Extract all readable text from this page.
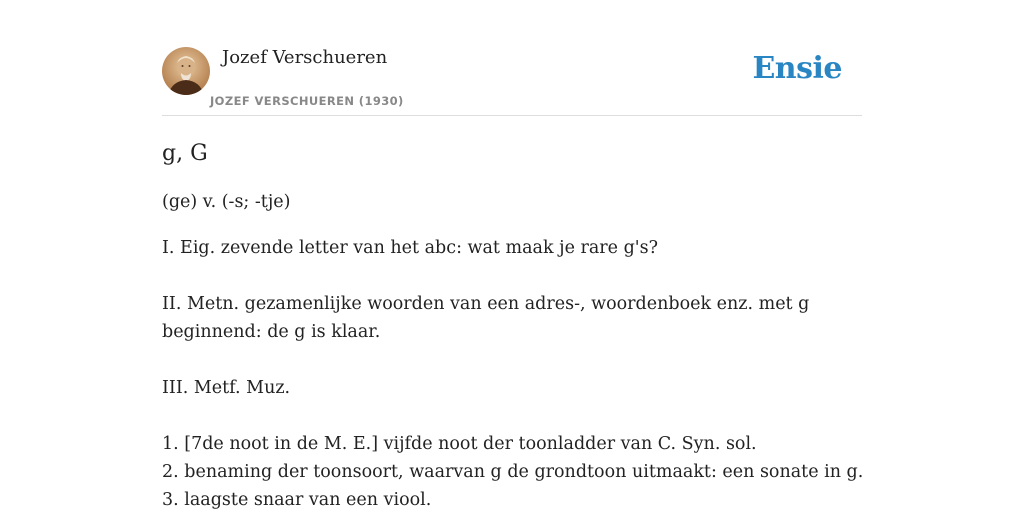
Jozef Verschueren
JOZEF VERSCHUEREN (1930)
Ensie
g, G

(ge) v. (-s; -tje)

I. Eig. zevende letter van het abc: wat maak je rare g's?

II. Metn. gezamenlijke woorden van een adres-, woordenboek enz. met g beginnend: de g is klaar.

III. Metf. Muz.

1. [7de noot in de M. E.] vijfde noot der toonladder van C. Syn. sol.
2. benaming der toonsoort, waarvan g de grondtoon uitmaakt: een sonate in g.
3. laagste snaar van een viool.
